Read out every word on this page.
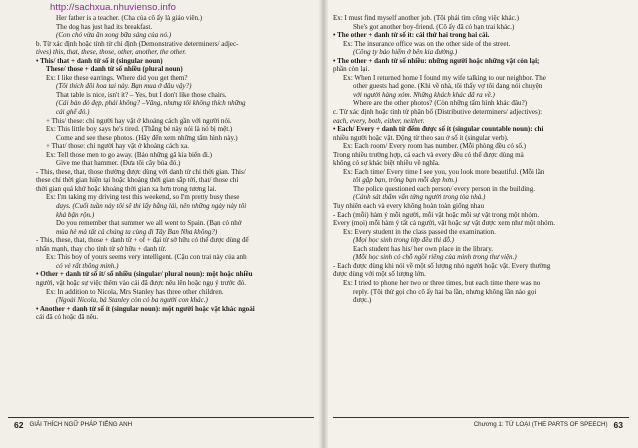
Her father is a teacher. (Cha của cô ấy là giáo viên.)
The dog has just had its breakfast.
(Con chó vừa ăn xong bữa sáng của nó.)
b. Từ xác định hoặc tính từ chỉ định (Demonstrative determiners/ adjec-
tives) this, that, these, those, other, another, the other.
• This/ that + danh từ số ít (singular noun)
These/ those + danh từ số nhiều (plural noun)
Ex: I like these earrings. Where did you get them?
(Tôi thích đôi hoa tai này. Bạn mua ở đâu vậy?)
That table is nice, isn't it? – Yes, but I don't like those chairs.
(Cái bàn đó đẹp, phải không? –Vâng, nhưng tôi không thích những
cái ghế đó.)
+ This/ these: chỉ người hay vật ở khoảng cách gần với người nói.
Ex: This little boy says he's tired. (Thằng bé này nói là nó bị mệt.)
Come and see these photos. (Hãy đến xem những tấm hình này.)
+ That/ those: chỉ người hay vật ở khoảng cách xa.
Ex: Tell those men to go away. (Bảo những gã kia biến đi.)
Give me that hammer. (Đưa tôi cây búa đó.)
- This, these, that, those thường được dùng với danh từ chỉ thời gian. This/
these chỉ thời gian hiện tại hoặc khoảng thời gian sắp tới, that/ those chỉ
thời gian quá khứ hoặc khoảng thời gian xa hơn trong tương lai.
Ex: I'm taking my driving test this weekend, so I'm pretty busy these
days. (Cuối tuần này tôi sẽ thi lấy bằng lái, nên những ngày này tôi
khá bận rộn.)
Do you remember that summer we all went to Spain. (Bạn có nhớ
mùa hè mà tất cả chúng ta cùng đi Tây Ban Nha không?)
- This, these, that, those + danh từ + of + đại từ sở hữu có thể được dùng để
nhấn mạnh, thay cho tính từ sở hữu + danh từ.
Ex: This boy of yours seems very intelligent. (Cậu con trai này của anh
có vẻ rất thông minh.)
• Other + danh từ số ít/ số nhiều (singular/ plural noun): một hoặc nhiều
người, vật hoặc sự việc thêm vào cái đã được nêu lên hoặc ngụ ý trước đó.
Ex: In addition to Nicola, Mrs Stanley has three other children.
(Ngoài Nicola, bà Stanley còn có ba người con khác.)
• Another + danh từ số ít (singular noun): một người hoặc vật khác ngoài
cái đã có hoặc đã nêu.
62 GIẢI THÍCH NGỮ PHÁP TIẾNG ANH
Ex: I must find myself another job. (Tôi phải tìm công việc khác.)
She's got another boy-friend. (Cô ấy đã có bạn trai khác.)
• The other + danh từ số ít: cái thứ hai trong hai cái.
Ex: The insurance office was on the other side of the street.
(Công ty bảo hiểm ở bên kia đường.)
• The other + danh từ số nhiều: những người hoặc những vật còn lại;
phần còn lại.
Ex: When I returned home I found my wife talking to our neighbor. The
other guests had gone. (Khi về nhà, tôi thấy vợ tôi đang nói chuyện
với người hàng xóm. Những khách khác đã ra về.)
Where are the other photos? (Còn những tấm hình khác đâu?)
c. Từ xác định hoặc tính từ phân bổ (Distributive determiners/ adjectives):
each, every, both, either, neither.
• Each/ Every + danh từ đếm được số ít (singular countable noun): chỉ
nhiều người hoặc vật. Động từ theo sau ở số ít (singular verb).
Ex: Each room/ Every room has number. (Mỗi phòng đều có số.)
Trong nhiều trường hợp, cả each và every đều có thể được dùng mà
không có sự khác biệt nhiều về nghĩa.
Ex: Each time/ Every time I see you, you look more beautiful. (Mỗi lần
tôi gặp bạn, trông bạn mỗi đẹp hơn.)
The police questioned each person/ every person in the building.
(Cảnh sát thẩm vấn từng người trong tòa nhà.)
Tuy nhiên each và every không hoàn toàn giống nhau
- Each (mỗi) hàm ý mỗi người, mỗi vật hoặc mỗi sự vật trong một nhóm.
Every (mọi) mỗi hàm ý tất cả người, vật hoặc sự vật được xem như một nhóm.
Ex: Every student in the class passed the examination.
(Mọi học sinh trong lớp đều thi đỗ.)
Each student has his/ her own place in the library.
(Mỗi học sinh có chỗ ngồi riêng của mình trong thư viện.)
- Each được dùng khi nói về một số lượng nhỏ người hoặc vật. Every thường
được dùng với một số lượng lớn.
Ex: I tried to phone her two or three times, but each time there was no
reply. (Tôi thử gọi cho cô ấy hai ba lần, nhưng không lần nào gọi
được.)
Chương 1: TỪ LOẠI (THE PARTS OF SPEECH) 63
http://sachxua.nhuvienso.info
